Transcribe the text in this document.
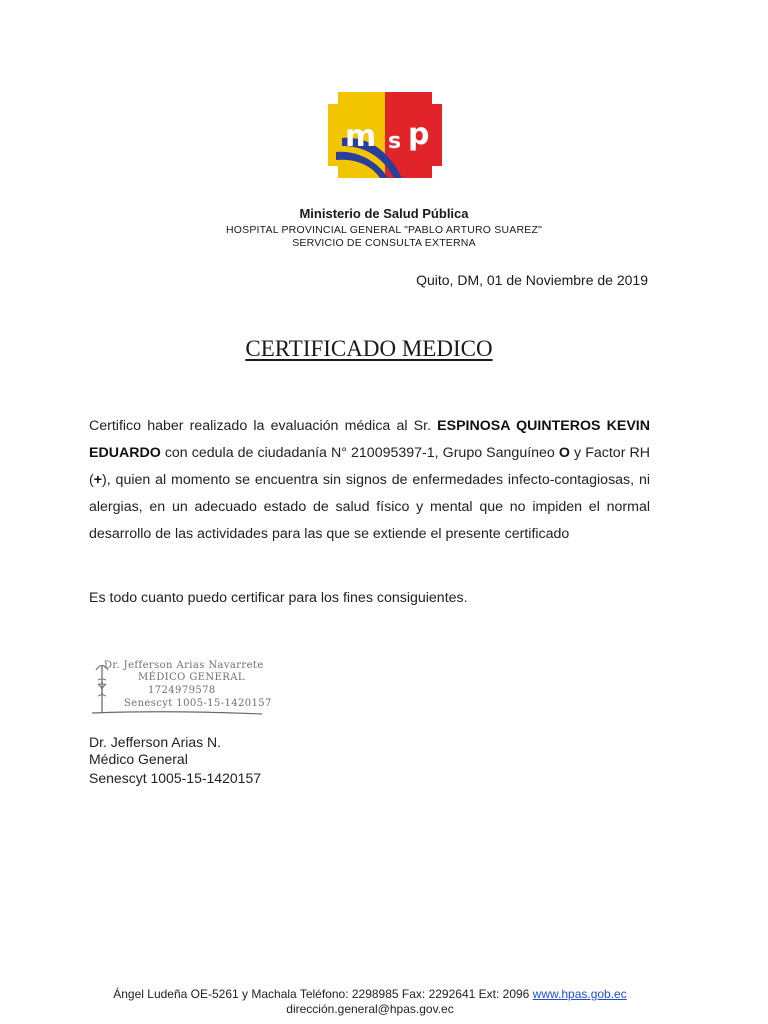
m s p
Ministerio de Salud Pública
HOSPITAL PROVINCIAL GENERAL "PABLO ARTURO SUAREZ"
SERVICIO DE CONSULTA EXTERNA
Quito, DM, 01 de Noviembre de 2019
CERTIFICADO MEDICO
Certifico haber realizado la evaluación médica al Sr. ESPINOSA QUINTEROS KEVIN EDUARDO con cedula de ciudadanía N° 210095397-1, Grupo Sanguíneo O y Factor RH (+), quien al momento se encuentra sin signos de enfermedades infecto-contagiosas, ni alergias, en un adecuado estado de salud físico y mental que no impiden el normal desarrollo de las actividades para las que se extiende el presente certificado
Es todo cuanto puedo certificar para los fines consiguientes.
Dr. Jefferson Arias Navarrete
MÉDICO GENERAL
1724979578
Senescyt 1005-15-1420157
Dr. Jefferson Arias N.
Médico General
Senescyt 1005-15-1420157
Ángel Ludeña OE-5261 y Machala Teléfono: 2298985 Fax: 2292641 Ext: 2096 www.hpas.gob.ec
dirección.general@hpas.gov.ec
